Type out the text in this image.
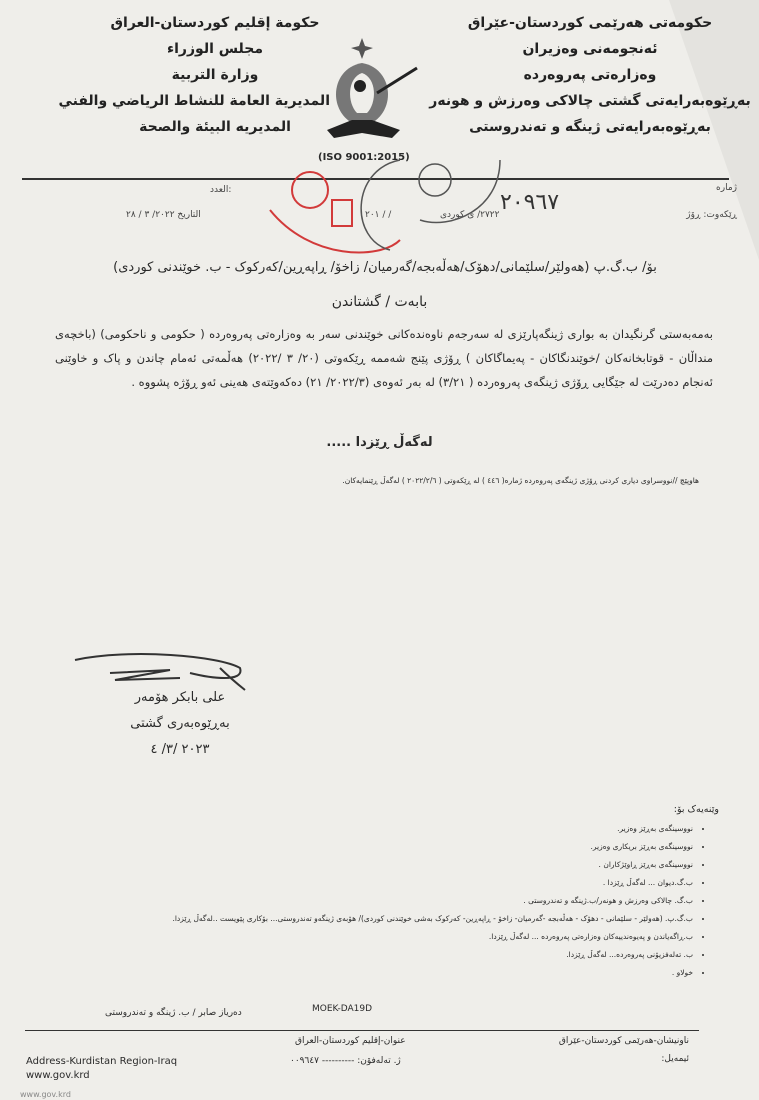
حكومة إقليم كوردستان-العراق
مجلس الوزراء
وزارة التربية
المديرية العامة للنشاط الرياضي والفني
المديريه البيئة والصحة
حکومەتی هەرێمی کوردستان-عێراق
ئەنجومەنی وەزیران
وەزارەتی پەروەردە
بەڕێوەبەرایەتی گشتی چالاکی وەرزش و هونەر
بەڕێوەبەرایەتی ژینگە و تەندروستی
(ISO 9001:2015)
ژمارە
العدد:
ڕێکەوت: ڕۆژ
التاريخ ٢٠٢٢/ ٣ / ٢٨	٢٧٢٢/ ی کوردی
/ / ٢٠١	٢٠٩٦٧
بۆ/ ب.گ.پ (هەولێر/سلێمانی/دهۆک/هەڵەبجە/گەرمیان/ زاخۆ/ ڕاپەڕین/کەرکوک - ب. خوێندنی کوردی)
بابەت / گشتاندن

بەمەبەستی گرنگیدان بە بواری ژینگەپارێزی لە سەرجەم ناوەندەکانی خوێندنی سەر بە وەزارەتی پەروەردە ( حکومی و ناحکومی) (باخچەی منداڵان - قوتابخانەکان /خوێندنگاکان - پەیماگاکان ) ڕۆژی پێنج شەممە ڕێکەوتی (٢٠/ ٣ /٢٠٢٢) هەڵمەتی ئەمام چاندن و پاک و خاوێنی ئەنجام دەدرێت لە جێگایی ڕۆژی ژینگەی پەروەردە ( ٣/٢١) لە بەر ئەوەی (٢٠٢٢/٣/ ٢١) دەکەوێتەی هەینی ئەو ڕۆژە پشووە .

لەگەڵ ڕێزدا .....
هاوپێچ //نووسراوی دیاری کردنی ڕۆژی ژینگەی پەروەردە ژمارە( ٤٤٦ ) لە ڕێکەوتی ( ٢٠٢٢/٢/٦ ) لەگەڵ ڕێنمایەکان.
علی بابکر هۆمەر
بەڕێوەبەری گشتی
٢٠٢٣ /٣/ ٤
وێنەیەک بۆ:
• نووسینگەی بەڕێز وەزیر.
• نووسینگەی بەڕێز بریکاری وەزیر.
• نووسینگەی بەڕێز ڕاوێژکاران .
• ب.گ.دیوان ... لەگەڵ ڕێزدا .
• ب.گ. چالاکی وەرزش و هونەر/ب.ژینگە و تەندروستی .
• ب.گ.پ. (هەولێر - سلێمانی - دهۆک - هەڵەبجە -گەرمیان- زاخۆ - ڕاپەڕین- کەرکوک بەشی خوێندنی کوردی)/ هۆبەی ژینگەو تەندروستی... بۆکاری پێویست ..لەگەڵ ڕێزدا.
• ب.ڕاگەیاندن و پەیوەندییەکان وەزارەتی پەروەردە ... لەگەڵ ڕێزدا.
• ب. تەلەفزیۆنی پەروەردە... لەگەڵ ڕێزدا.
• خولاو .
MOEK-DA19D
دەریاز صابر / ب. ژینگە و تەندروستی
ناونیشان-هەرێمی کوردستان-عێراق
ئیمەیل:
عنوان-إقليم كوردستان-العراق
ژ. تەلەفۆن: ---------- ٠٠٩٦٤٧
Address-Kurdistan Region-Iraq
www.gov.krd
www.gov.krd
